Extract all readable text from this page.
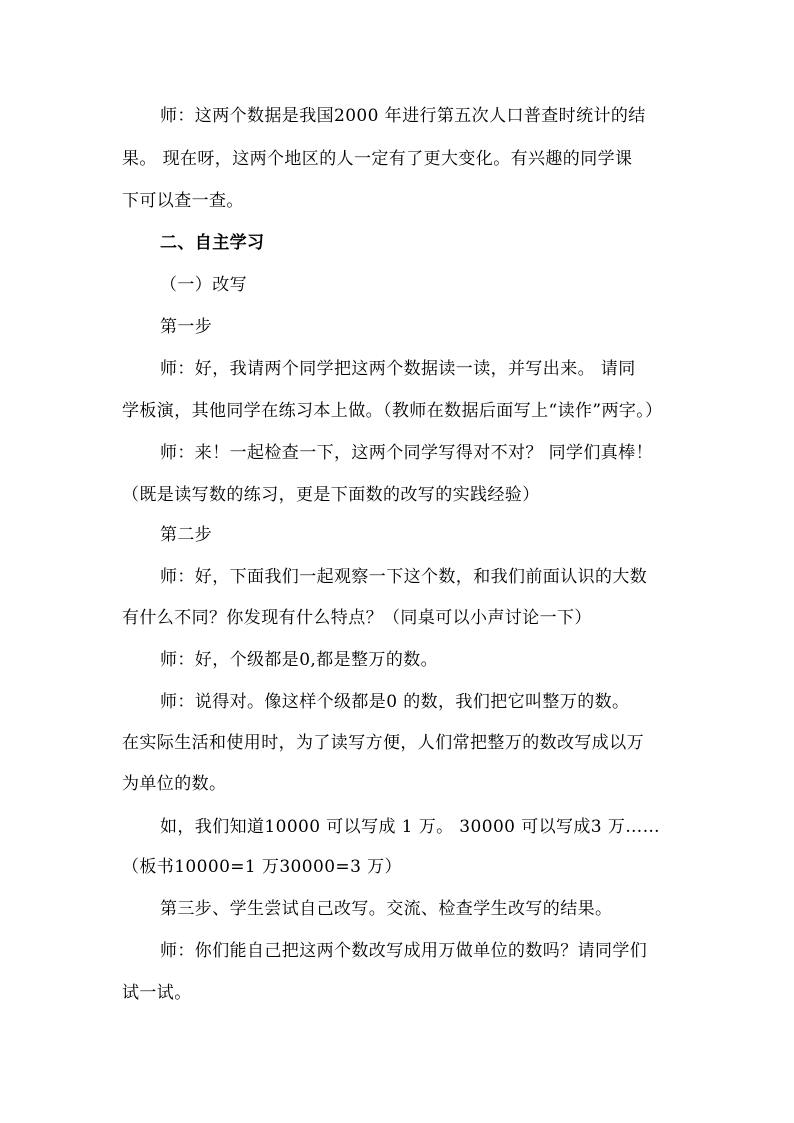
师：这两个数据是我国2000 年进行第五次人口普查时统计的结
果。 现在呀，这两个地区的人一定有了更大变化。有兴趣的同学课
下可以查一查。
二、自主学习
（一）改写
第一步
师：好，我请两个同学把这两个数据读一读，并写出来。 请同
学板演，其他同学在练习本上做。（教师在数据后面写上“读作”两字。）
师：来！一起检查一下，这两个同学写得对不对？ 同学们真棒！
（既是读写数的练习，更是下面数的改写的实践经验）
第二步
师：好，下面我们一起观察一下这个数，和我们前面认识的大数
有什么不同？你发现有什么特点？（同桌可以小声讨论一下）
师：好，个级都是0,都是整万的数。
师：说得对。像这样个级都是0 的数，我们把它叫整万的数。
在实际生活和使用时，为了读写方便，人们常把整万的数改写成以万
为单位的数。
如，我们知道10000 可以写成 1 万。 30000 可以写成3 万……
（板书10000=1 万30000=3 万）
第三步、学生尝试自己改写。交流、检查学生改写的结果。
师：你们能自己把这两个数改写成用万做单位的数吗？请同学们
试一试。
